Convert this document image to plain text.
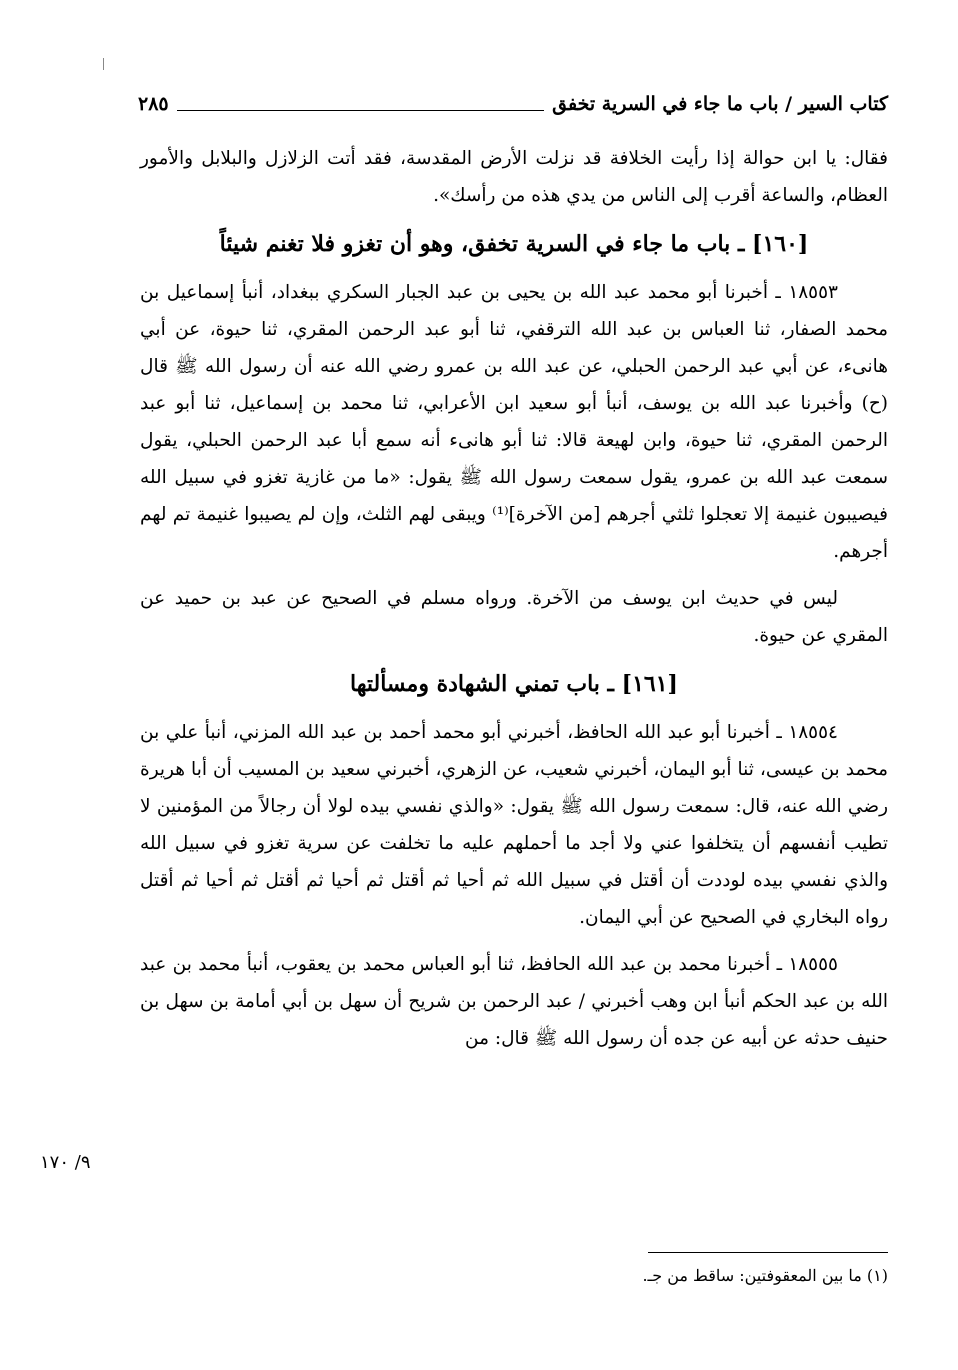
كتاب السير / باب ما جاء في السرية تخفق
٢٨٥

فقال: يا ابن حوالة إذا رأيت الخلافة قد نزلت الأرض المقدسة، فقد أتت الزلازل والبلابل والأمور العظام، والساعة أقرب إلى الناس من يدي هذه من رأسك».

[١٦٠] ـ باب ما جاء في السرية تخفق، وهو أن تغزو فلا تغنم شيئاً

١٨٥٥٣ ـ أخبرنا أبو محمد عبد الله بن يحيى بن عبد الجبار السكري ببغداد، أنبأ إسماعيل بن محمد الصفار، ثنا العباس بن عبد الله الترقفي، ثنا أبو عبد الرحمن المقري، ثنا حيوة، عن أبي هانىء، عن أبي عبد الرحمن الحبلي، عن عبد الله بن عمرو رضي الله عنه أن رسول الله ﷺ قال (ح) وأخبرنا عبد الله بن يوسف، أنبأ أبو سعيد ابن الأعرابي، ثنا محمد بن إسماعيل، ثنا أبو عبد الرحمن المقري، ثنا حيوة، وابن لهيعة قالا: ثنا أبو هانىء أنه سمع أبا عبد الرحمن الحبلي، يقول سمعت عبد الله بن عمرو، يقول سمعت رسول الله ﷺ يقول: «ما من غازية تغزو في سبيل الله فيصيبون غنيمة إلا تعجلوا ثلثي أجرهم [من الآخرة]⁽¹⁾ ويبقى لهم الثلث، وإن لم يصيبوا غنيمة تم لهم أجرهم.

ليس في حديث ابن يوسف من الآخرة. ورواه مسلم في الصحيح عن عبد بن حميد عن المقري عن حيوة.

[١٦١] ـ باب تمني الشهادة ومسألتها

١٨٥٥٤ ـ أخبرنا أبو عبد الله الحافظ، أخبرني أبو محمد أحمد بن عبد الله المزني، أنبأ علي بن محمد بن عيسى، ثنا أبو اليمان، أخبرني شعيب، عن الزهري، أخبرني سعيد بن المسيب أن أبا هريرة رضي الله عنه، قال: سمعت رسول الله ﷺ يقول: «والذي نفسي بيده لولا أن رجالاً من المؤمنين لا تطيب أنفسهم أن يتخلفوا عني ولا أجد ما أحملهم عليه ما تخلفت عن سرية تغزو في سبيل الله والذي نفسي بيده لوددت أن أقتل في سبيل الله ثم أحيا ثم أقتل ثم أحيا ثم أقتل ثم أحيا ثم أقتل رواه البخاري في الصحيح عن أبي اليمان.

١٨٥٥٥ ـ أخبرنا محمد بن عبد الله الحافظ، ثنا أبو العباس محمد بن يعقوب، أنبأ محمد بن عبد الله بن عبد الحكم أنبأ ابن وهب أخبرني / عبد الرحمن بن شريح أن سهل بن أبي أمامة بن سهل بن حنيف حدثه عن أبيه عن جده أن رسول الله ﷺ قال: من

٩/ ١٧٠
(١) ما بين المعقوفتين: ساقط من جـ.
